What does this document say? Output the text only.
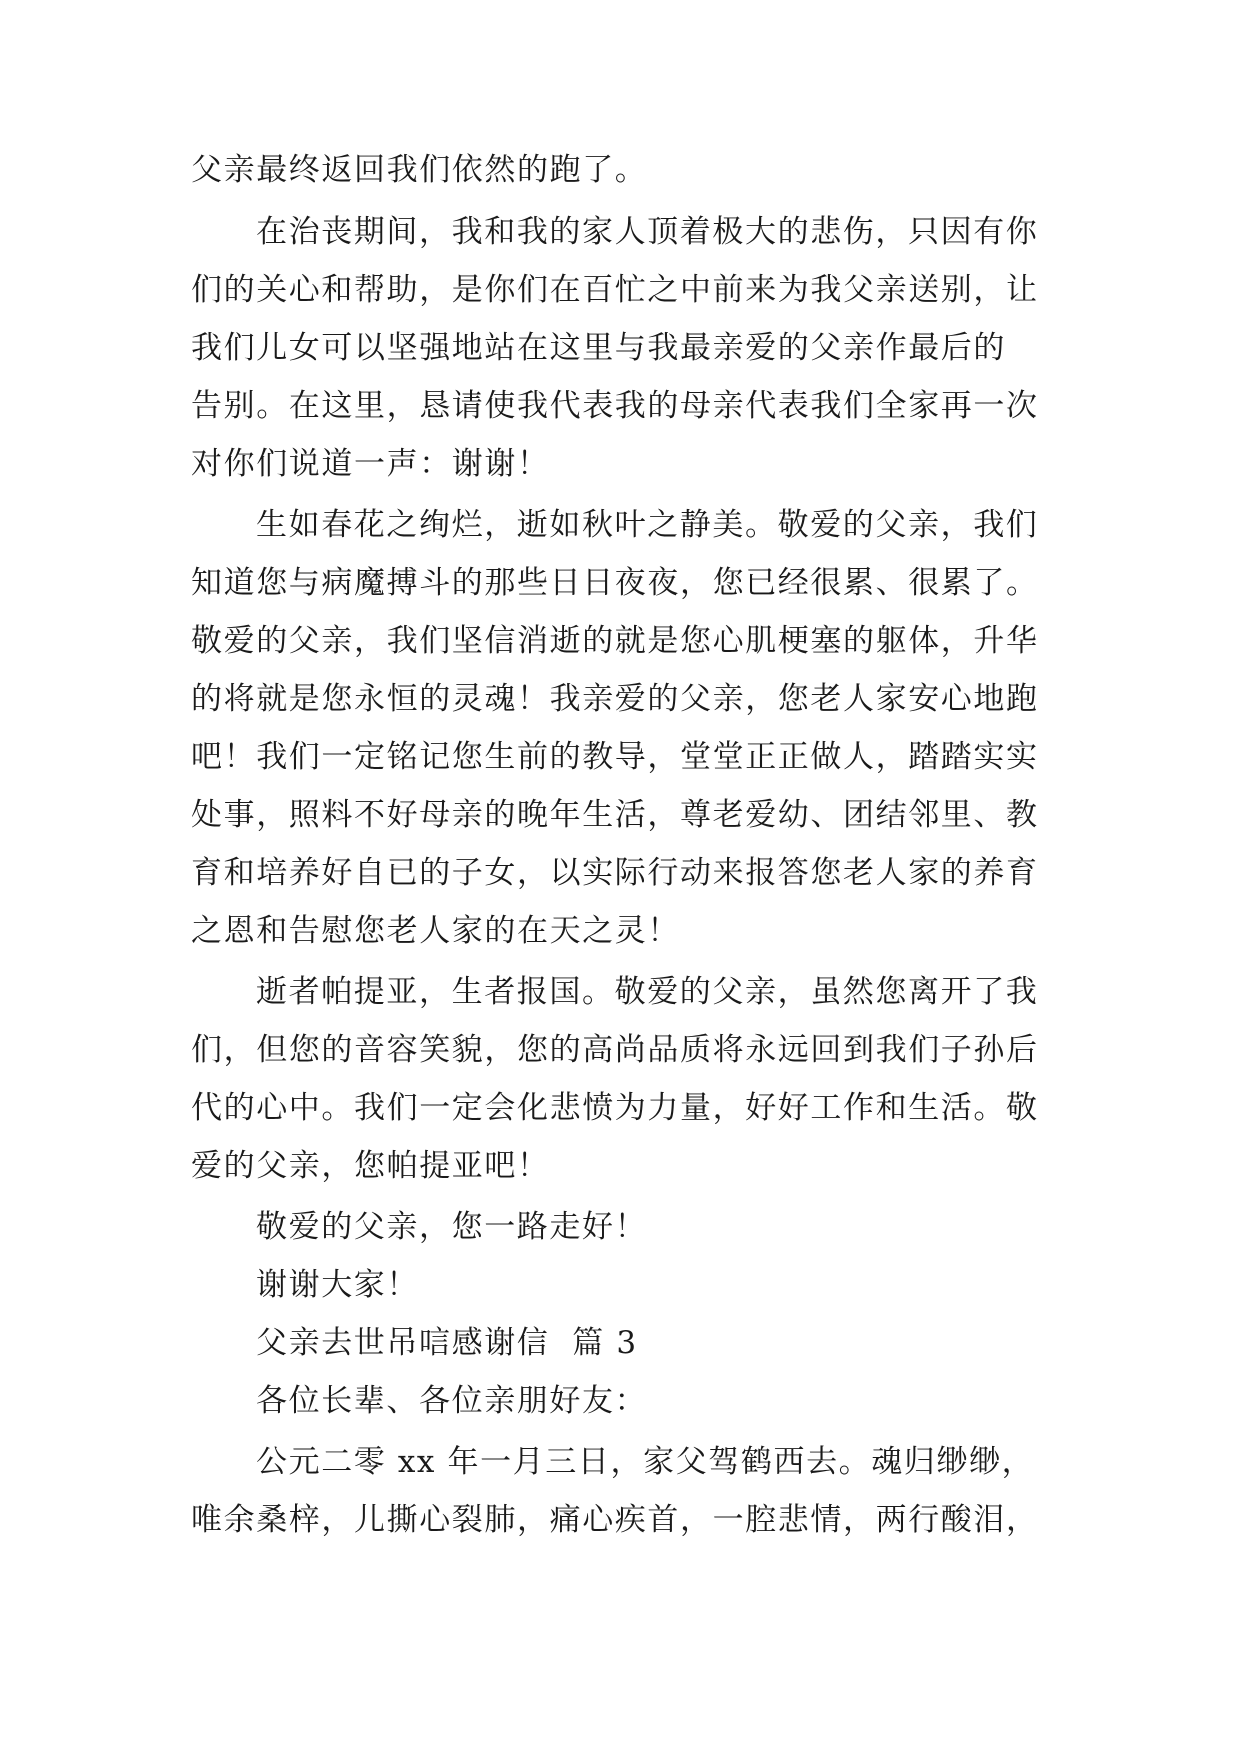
父亲最终返回我们依然的跑了。
在治丧期间，我和我的家人顶着极大的悲伤，只因有你
们的关心和帮助，是你们在百忙之中前来为我父亲送别，让
我们儿女可以坚强地站在这里与我最亲爱的父亲作最后的
告别。在这里，恳请使我代表我的母亲代表我们全家再一次
对你们说道一声：谢谢！
生如春花之绚烂，逝如秋叶之静美。敬爱的父亲，我们
知道您与病魔搏斗的那些日日夜夜，您已经很累、很累了。
敬爱的父亲，我们坚信消逝的就是您心肌梗塞的躯体，升华
的将就是您永恒的灵魂！我亲爱的父亲，您老人家安心地跑
吧！我们一定铭记您生前的教导，堂堂正正做人，踏踏实实
处事，照料不好母亲的晚年生活，尊老爱幼、团结邻里、教
育和培养好自已的子女，以实际行动来报答您老人家的养育
之恩和告慰您老人家的在天之灵！
逝者帕提亚，生者报国。敬爱的父亲，虽然您离开了我
们，但您的音容笑貌，您的高尚品质将永远回到我们子孙后
代的心中。我们一定会化悲愤为力量，好好工作和生活。敬
爱的父亲，您帕提亚吧！
敬爱的父亲，您一路走好！
谢谢大家！
父亲去世吊唁感谢信  篇 3
各位长辈、各位亲朋好友：
公元二零 xx 年一月三日，家父驾鹤西去。魂归缈缈，
唯余桑梓，儿撕心裂肺，痛心疾首，一腔悲情，两行酸泪，
